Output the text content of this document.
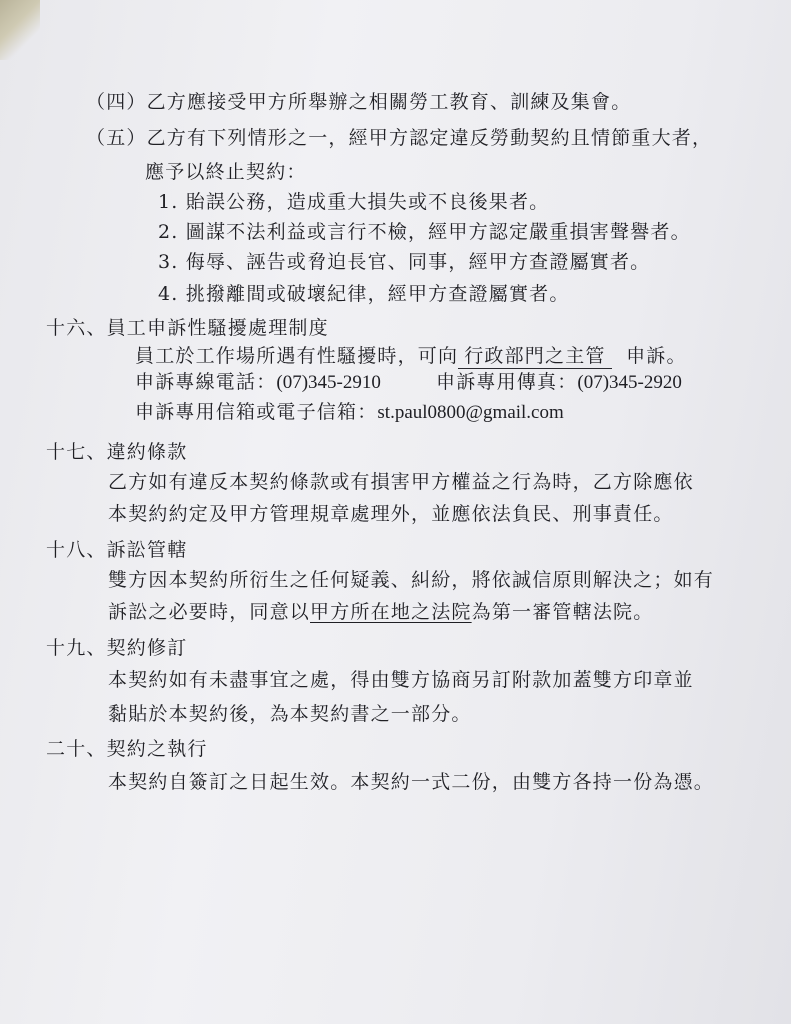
（四）乙方應接受甲方所舉辦之相關勞工教育、訓練及集會。
（五）乙方有下列情形之一，經甲方認定違反勞動契約且情節重大者，
應予以終止契約：
1. 貽誤公務，造成重大損失或不良後果者。
2. 圖謀不法利益或言行不檢，經甲方認定嚴重損害聲譽者。
3. 侮辱、誣告或脅迫長官、同事，經甲方查證屬實者。
4. 挑撥離間或破壞紀律，經甲方查證屬實者。
十六、員工申訴性騷擾處理制度
員工於工作場所遇有性騷擾時，可向 行政部門之主管 申訴。
申訴專線電話：(07)345-2910	申訴專用傳真：(07)345-2920
申訴專用信箱或電子信箱：st.paul0800@gmail.com
十七、違約條款
乙方如有違反本契約條款或有損害甲方權益之行為時，乙方除應依
本契約約定及甲方管理規章處理外，並應依法負民、刑事責任。
十八、訴訟管轄
雙方因本契約所衍生之任何疑義、糾紛，將依誠信原則解決之；如有
訴訟之必要時，同意以甲方所在地之法院為第一審管轄法院。
十九、契約修訂
本契約如有未盡事宜之處，得由雙方協商另訂附款加蓋雙方印章並
黏貼於本契約後，為本契約書之一部分。
二十、契約之執行
本契約自簽訂之日起生效。本契約一式二份，由雙方各持一份為憑。
